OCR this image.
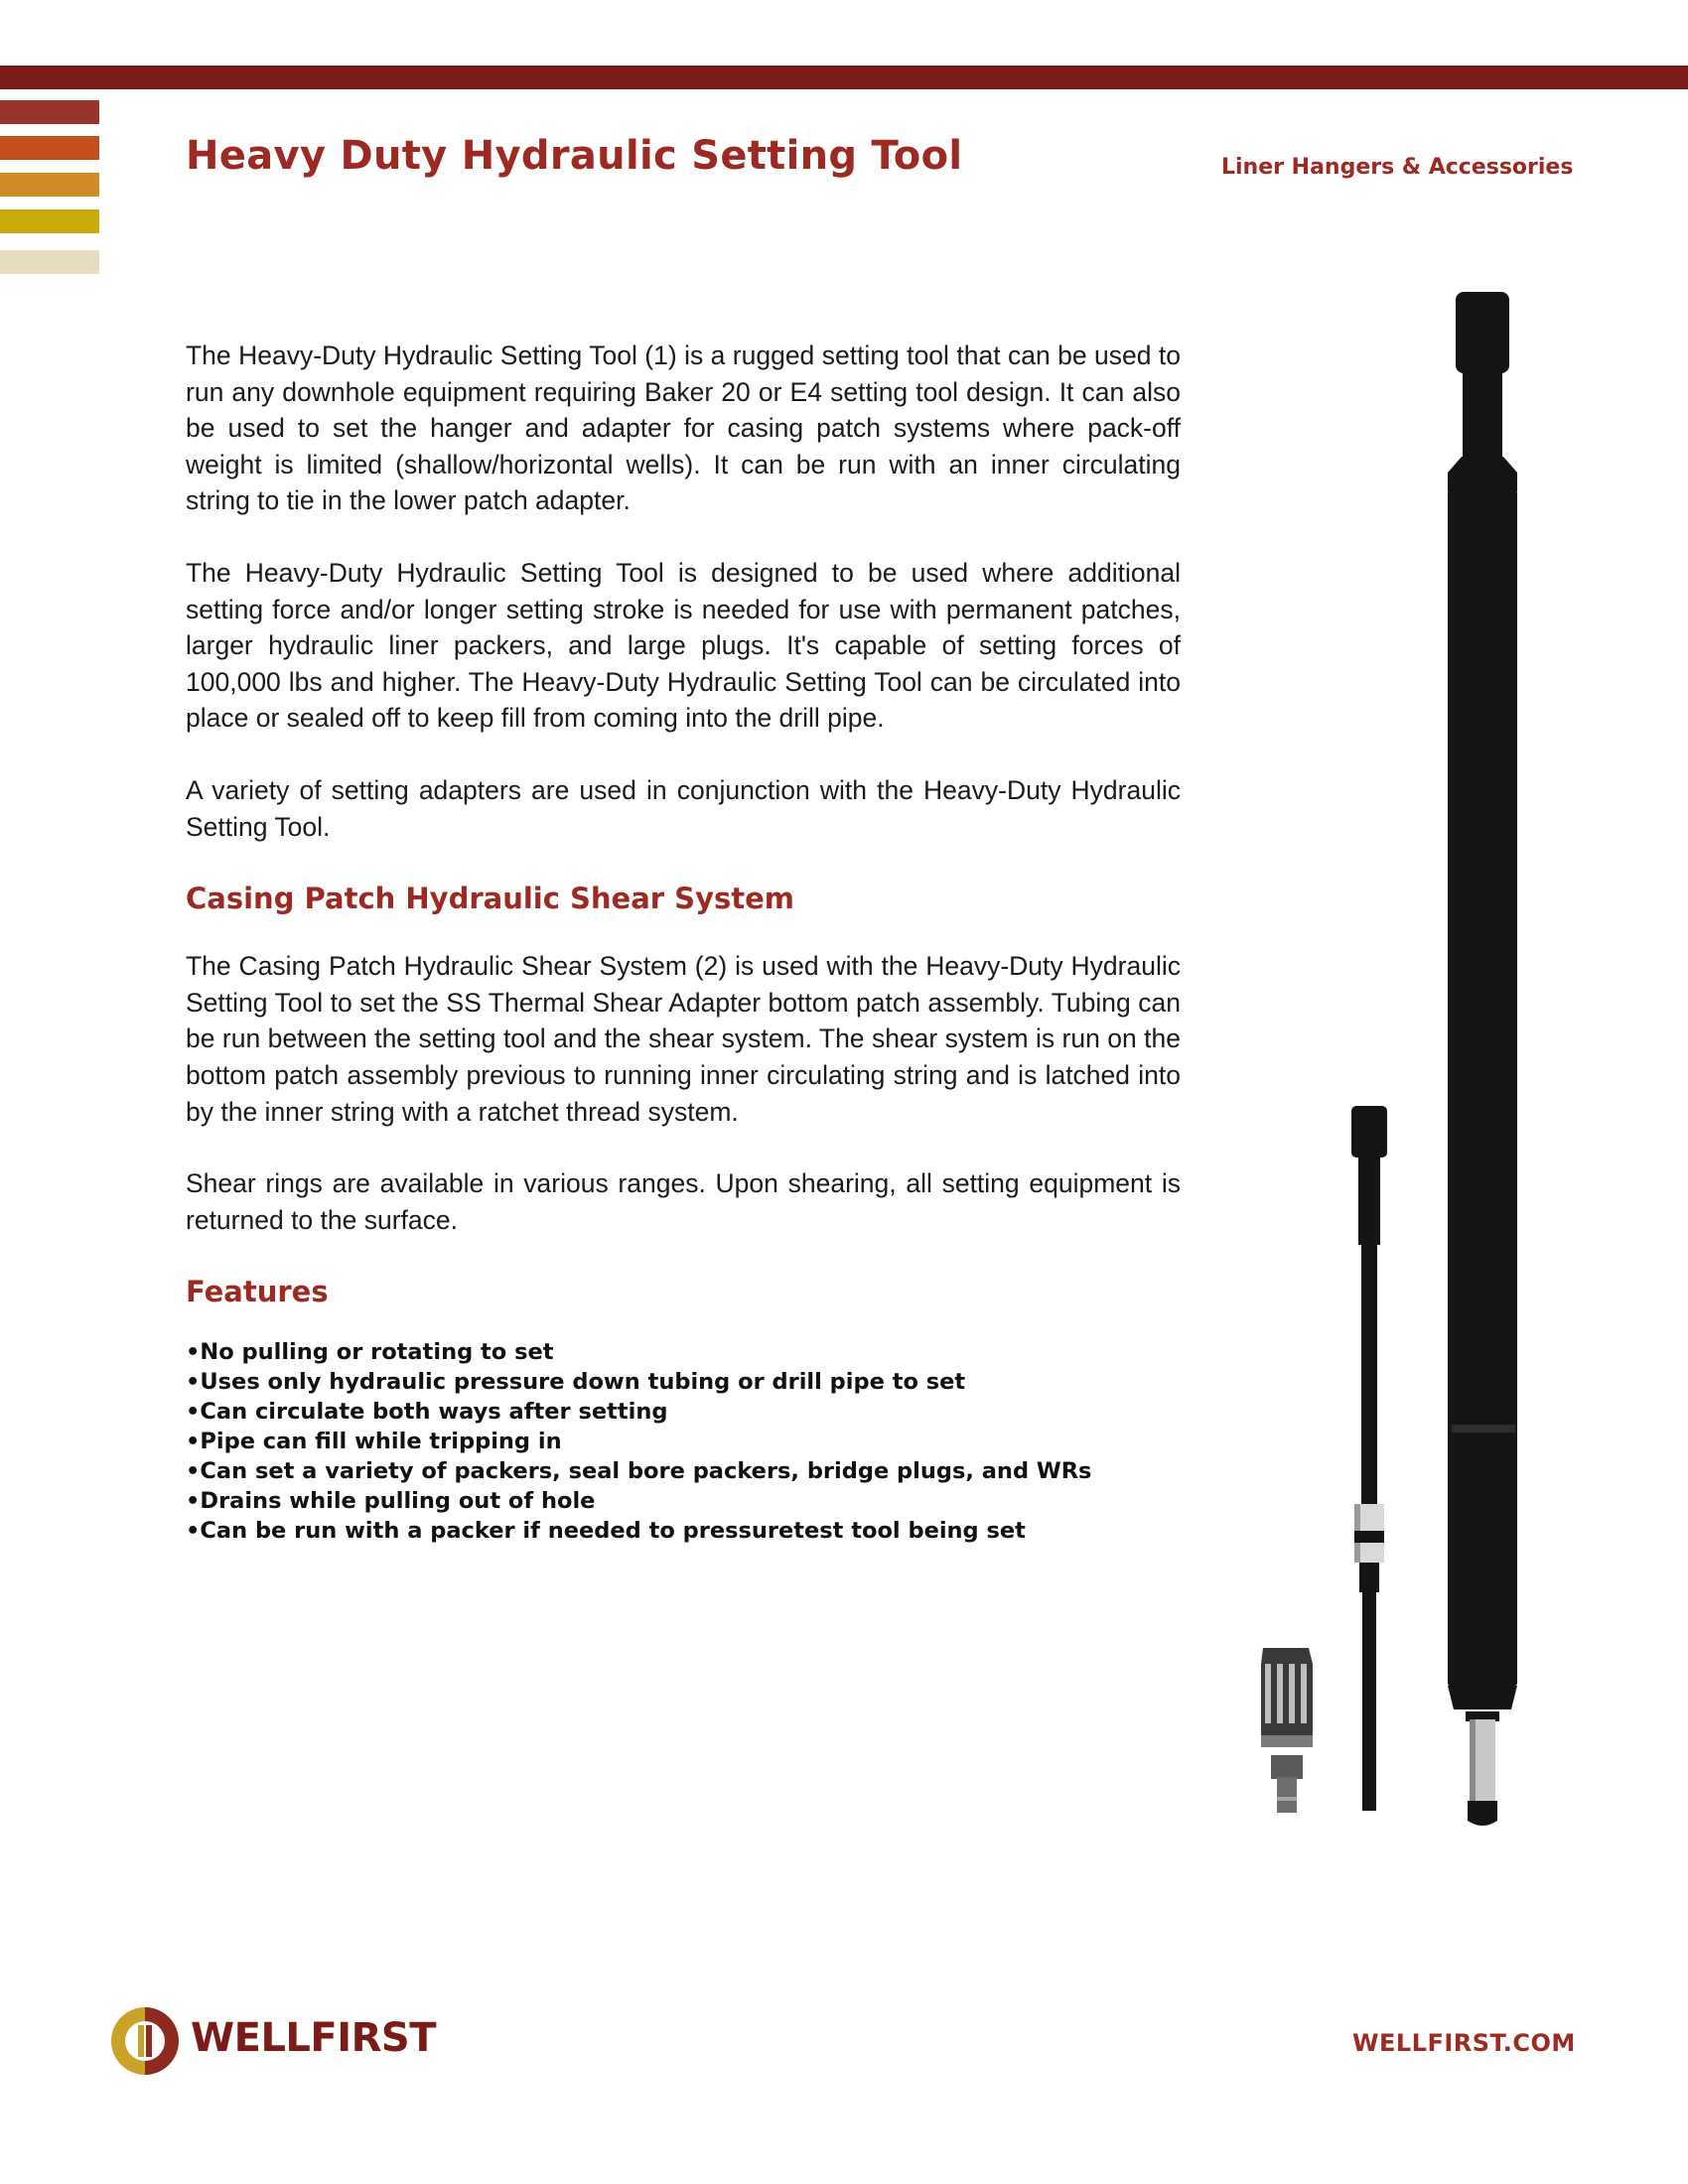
Heavy Duty Hydraulic Setting Tool	Liner Hangers & Accessories

The Heavy-Duty Hydraulic Setting Tool (1) is a rugged setting tool that can be used to run any downhole equipment requiring Baker 20 or E4 setting tool design. It can also be used to set the hanger and adapter for casing patch systems where pack-off weight is limited (shallow/horizontal wells). It can be run with an inner circulating string to tie in the lower patch adapter.

The Heavy-Duty Hydraulic Setting Tool is designed to be used where additional setting force and/or longer setting stroke is needed for use with permanent patches, larger hydraulic liner packers, and large plugs. It's capable of setting forces of 100,000 lbs and higher. The Heavy-Duty Hydraulic Setting Tool can be circulated into place or sealed off to keep fill from coming into the drill pipe.

A variety of setting adapters are used in conjunction with the Heavy-Duty Hydraulic Setting Tool.

Casing Patch Hydraulic Shear System

The Casing Patch Hydraulic Shear System (2) is used with the Heavy-Duty Hydraulic Setting Tool to set the SS Thermal Shear Adapter bottom patch assembly. Tubing can be run between the setting tool and the shear system. The shear system is run on the bottom patch assembly previous to running inner circulating string and is latched into by the inner string with a ratchet thread system.

Shear rings are available in various ranges. Upon shearing, all setting equipment is returned to the surface.

Features
• No pulling or rotating to set
• Uses only hydraulic pressure down tubing or drill pipe to set
• Can circulate both ways after setting
• Pipe can fill while tripping in
• Can set a variety of packers, seal bore packers, bridge plugs, and WRs
• Drains while pulling out of hole
• Can be run with a packer if needed to pressuretest tool being set
WELLFIRST	WELLFIRST.COM
